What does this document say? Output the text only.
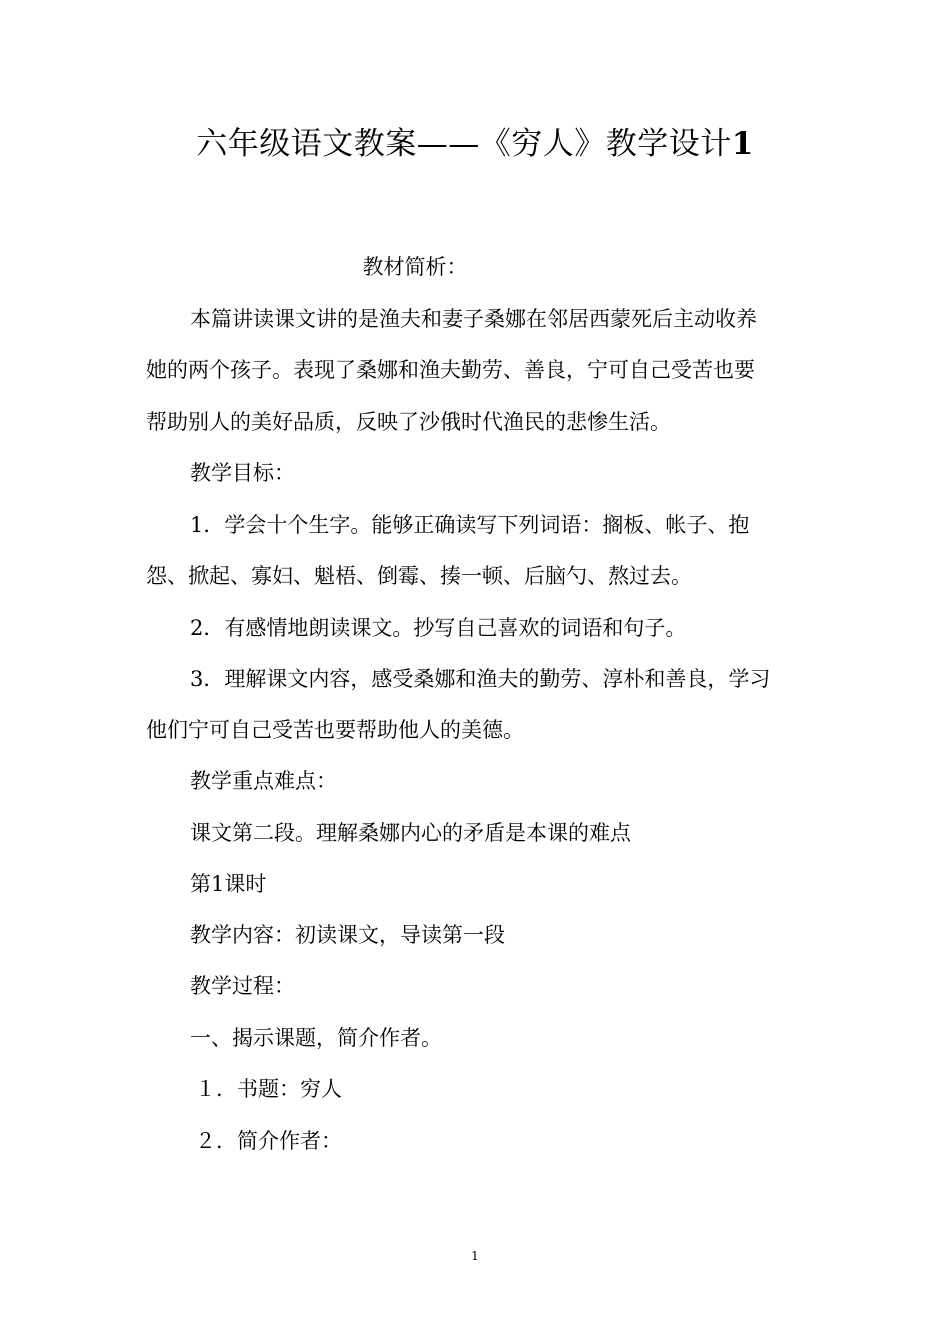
六年级语文教案——《穷人》教学设计1
教材简析：
本篇讲读课文讲的是渔夫和妻子桑娜在邻居西蒙死后主动收养
她的两个孩子。表现了桑娜和渔夫勤劳、善良，宁可自己受苦也要
帮助别人的美好品质，反映了沙俄时代渔民的悲惨生活。
教学目标：
1．学会十个生字。能够正确读写下列词语：搁板、帐子、抱
怨、掀起、寡妇、魁梧、倒霉、揍一顿、后脑勺、熬过去。
2．有感情地朗读课文。抄写自己喜欢的词语和句子。
3．理解课文内容，感受桑娜和渔夫的勤劳、淳朴和善良，学习
他们宁可自己受苦也要帮助他人的美德。
教学重点难点：
课文第二段。理解桑娜内心的矛盾是本课的难点
第1课时
教学内容：初读课文，导读第一段
教学过程：
一、揭示课题，简介作者。
１．书题：穷人
２．简介作者：
1
